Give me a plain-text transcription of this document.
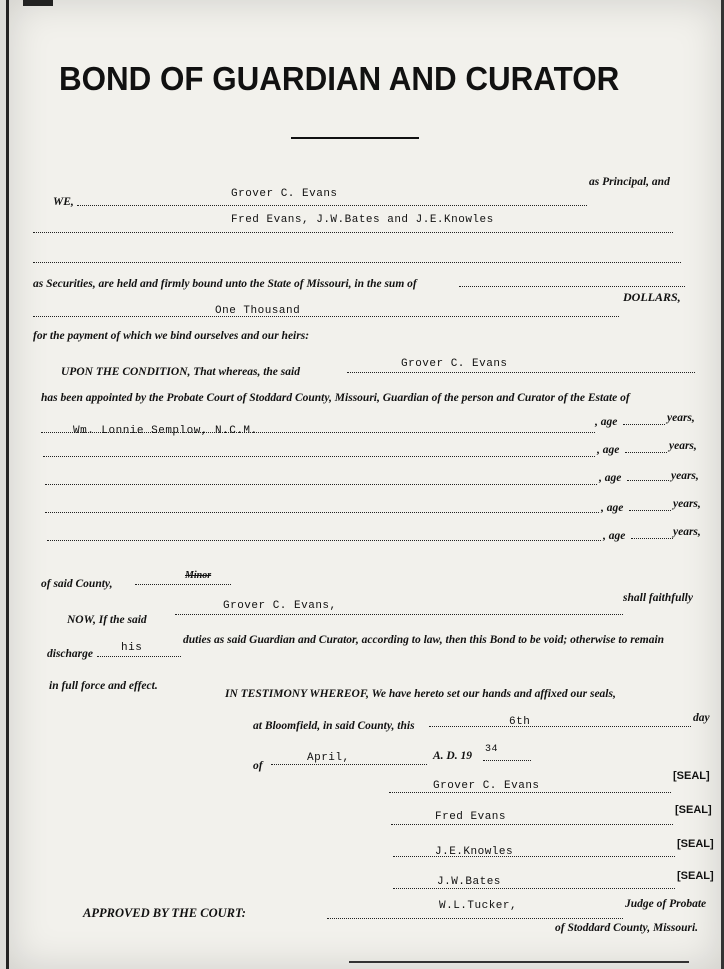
BOND OF GUARDIAN AND CURATOR
WE,
Grover C. Evans
as Principal, and
Fred Evans, J.W.Bates and J.E.Knowles
as Securities, are held and firmly bound unto the State of Missouri, in the sum of
One Thousand
DOLLARS,
for the payment of which we bind ourselves and our heirs:
UPON THE CONDITION, That whereas, the said
Grover C. Evans
has been appointed by the Probate Court of Stoddard County, Missouri, Guardian of the person and Curator of the Estate of
Wm. Lonnie Semplow, N.C.M.
, age	years,
, age	years,
, age	years,
, age	years,
, age	years,
of said County,
Minor
NOW, If the said
Grover C. Evans,
shall faithfully
discharge	his
duties as said Guardian and Curator, according to law, then this Bond to be void; otherwise to remain
in full force and effect.
IN TESTIMONY WHEREOF, We have hereto set our hands and affixed our seals,
at Bloomfield, in said County, this	6th	day
of
April,	A. D. 19
34
Grover C. Evans
[SEAL]
Fred Evans
[SEAL]
J.E.Knowles
[SEAL]
J.W.Bates	[SEAL]
APPROVED BY THE COURT:	W.L.Tucker,	Judge of Probate
of Stoddard County, Missouri.
